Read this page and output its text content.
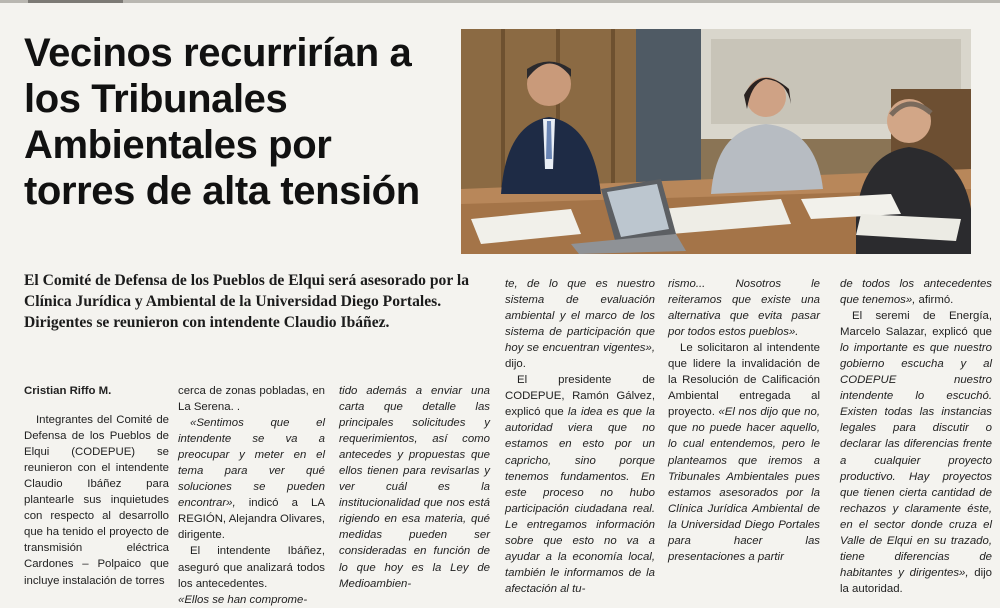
Vecinos recurrirían a los Tribunales Ambientales por torres de alta tensión

El Comité de Defensa de los Pueblos de Elqui será asesorado por la Clínica Jurídica y Ambiental de la Universidad Diego Portales. Dirigentes se reunieron con intendente Claudio Ibáñez.

Cristian Riffo M.

Integrantes del Comité de Defensa de los Pueblos de Elqui (CODEPUE) se reunieron con el intendente Claudio Ibáñez para plantearle sus inquietudes con respecto al desarrollo que ha tenido el proyecto de transmisión eléctrica Cardones – Polpaico que incluye instalación de torres

cerca de zonas pobladas, en La Serena. .

«Sentimos que el intendente se va a preocupar y meter en el tema para ver qué soluciones se pueden encontrar», indicó a LA REGIÓN, Alejandra Olivares, dirigente.

El intendente Ibáñez, aseguró que analizará todos los antecedentes.

«Ellos se han comprome-

tido además a enviar una carta que detalle las principales solicitudes y requerimientos, así como antecedes y propuestas que ellos tienen para revisarlas y ver cuál es la institucionalidad que nos está rigiendo en esa materia, qué medidas pueden ser consideradas en función de lo que hoy es la Ley de Medioambien-

te, de lo que es nuestro sistema de evaluación ambiental y el marco de los sistema de participación que hoy se encuentran vigentes», dijo.

El presidente de CODEPUE, Ramón Gálvez, explicó que la idea es que la autoridad viera que no estamos en esto por un capricho, sino porque tenemos fundamentos. En este proceso no hubo participación ciudadana real. Le entregamos información sobre que esto no va a ayudar a la economía local, también le informamos de la afectación al tu-

rismo... Nosotros le reiteramos que existe una alternativa que evita pasar por todos estos pueblos».

Le solicitaron al intendente que lidere la invalidación de la Resolución de Calificación Ambiental entregada al proyecto. «El nos dijo que no, que no puede hacer aquello, lo cual entendemos, pero le planteamos que iremos a Tribunales Ambientales pues estamos asesorados por la Clínica Jurídica Ambiental de la Universidad Diego Portales para hacer las presentaciones a partir

de todos los antecedentes que tenemos», afirmó.

El seremi de Energía, Marcelo Salazar, explicó que lo importante es que nuestro gobierno escucha y al CODEPUE nuestro intendente lo escuchó. Existen todas las instancias legales para discutir o declarar las diferencias frente a cualquier proyecto productivo. Hay proyectos que tienen cierta cantidad de rechazos y claramente éste, en el sector donde cruza el Valle de Elqui en su trazado, tiene diferencias de habitantes y dirigentes», dijo la autoridad.
